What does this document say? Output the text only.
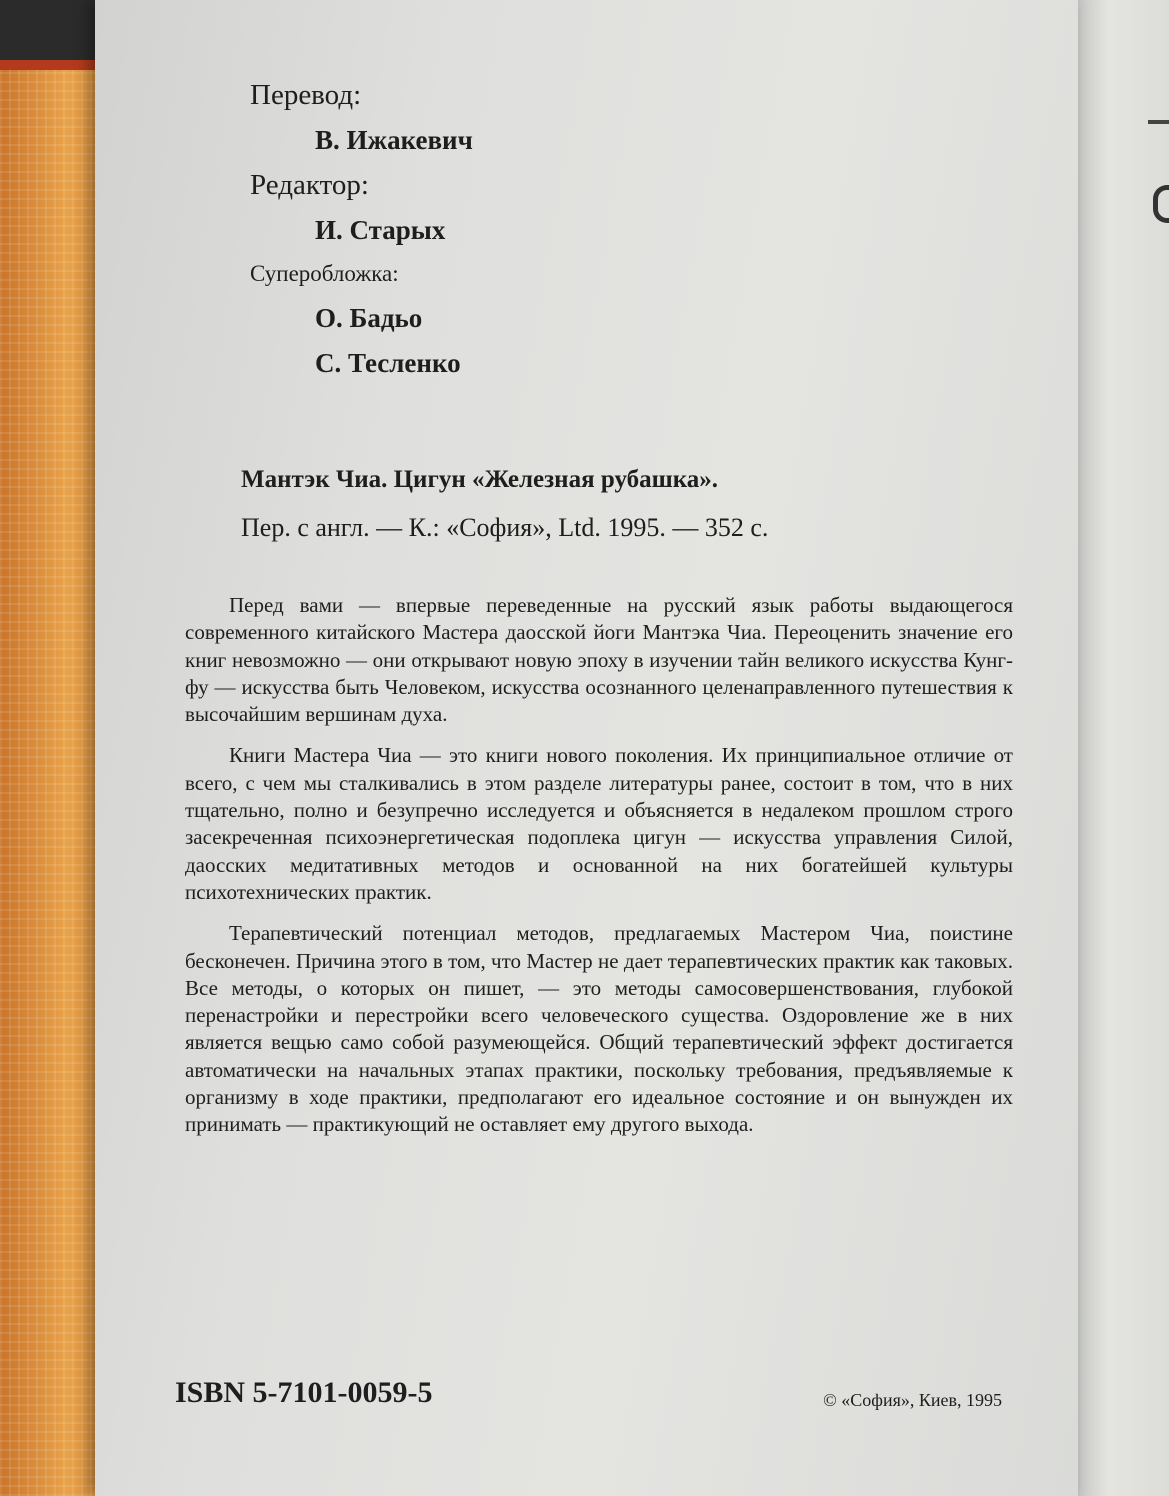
Перевод:

В. Ижакевич

Редактор:

И. Старых

Суперобложка:

О. Бадьо

С. Тесленко

Мантэк Чиа. Цигун «Железная рубашка».

Пер. с англ. — К.: «София», Ltd. 1995. — 352 с.

Перед вами — впервые переведенные на русский язык работы выдающегося современного китайского Мастера даосской йоги Мантэка Чиа. Переоценить значение его книг невозможно — они открывают новую эпоху в изучении тайн великого искусства Кунг-фу — искусства быть Человеком, искусства осознанного целенаправленного путешествия к высочайшим вершинам духа.

Книги Мастера Чиа — это книги нового поколения. Их принципиальное отличие от всего, с чем мы сталкивались в этом разделе литературы ранее, состоит в том, что в них тщательно, полно и безупречно исследуется и объясняется в недалеком прошлом строго засекреченная психоэнергетическая подоплека цигун — искусства управления Силой, даосских медитативных методов и основанной на них богатейшей культуры психотехнических практик.

Терапевтический потенциал методов, предлагаемых Мастером Чиа, поистине бесконечен. Причина этого в том, что Мастер не дает терапевтических практик как таковых. Все методы, о которых он пишет, — это методы самосовершенствования, глубокой перенастройки и перестройки всего человеческого существа. Оздоровление же в них является вещью само собой разумеющейся. Общий терапевтический эффект достигается автоматически на начальных этапах практики, поскольку требования, предъявляемые к организму в ходе практики, предполагают его идеальное состояние и он вынужден их принимать — практикующий не оставляет ему другого выхода.

ISBN 5-7101-0059-5	© «София», Киев, 1995
